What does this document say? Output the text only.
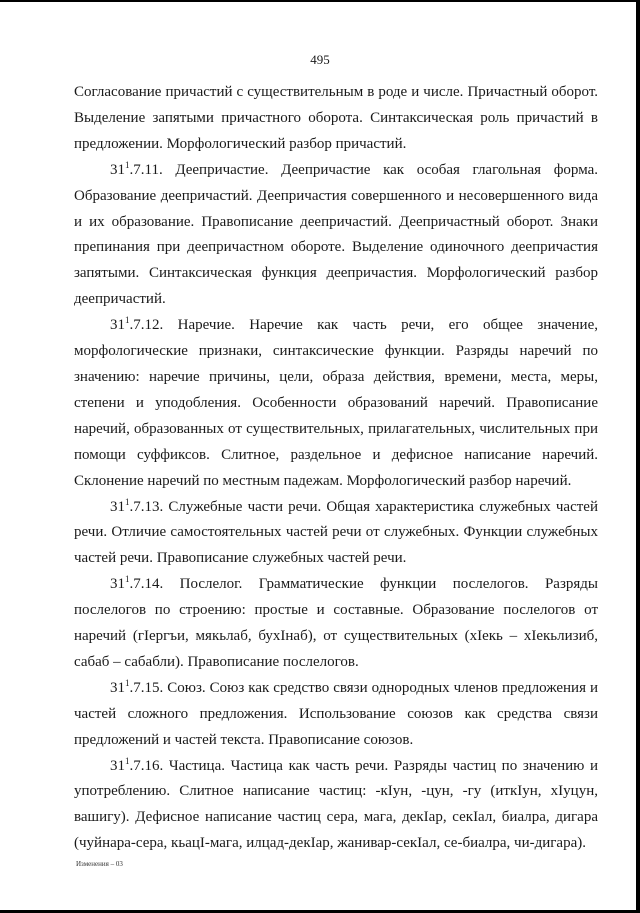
495

Согласование причастий с существительным в роде и числе. Причастный оборот. Выделение запятыми причастного оборота. Синтаксическая роль причастий в предложении. Морфологический разбор причастий.

$31^1.7.11$. Деепричастие. Деепричастие как особая глагольная форма. Образование деепричастий. Деепричастия совершенного и несовершенного вида и их образование. Правописание деепричастий. Деепричастный оборот. Знаки препинания при деепричастном обороте. Выделение одиночного деепричастия запятыми. Синтаксическая функция деепричастия. Морфологический разбор деепричастий.

$31^1.7.12$. Наречие. Наречие как часть речи, его общее значение, морфологические признаки, синтаксические функции. Разряды наречий по значению: наречие причины, цели, образа действия, времени, места, меры, степени и уподобления. Особенности образований наречий. Правописание наречий, образованных от существительных, прилагательных, числительных при помощи суффиксов. Слитное, раздельное и дефисное написание наречий. Склонение наречий по местным падежам. Морфологический разбор наречий.

$31^1.7.13$. Служебные части речи. Общая характеристика служебных частей речи. Отличие самостоятельных частей речи от служебных. Функции служебных частей речи. Правописание служебных частей речи.

$31^1.7.14$. Послелог. Грамматические функции послелогов. Разряды послелогов по строению: простые и составные. Образование послелогов от наречий (гIергъи, мякьлаб, бухIнаб), от существительных (хIекь – хIекьлизиб, сабаб – сабабли). Правописание послелогов.

$31^1.7.15$. Союз. Союз как средство связи однородных членов предложения и частей сложного предложения. Использование союзов как средства связи предложений и частей текста. Правописание союзов.

$31^1.7.16$. Частица. Частица как часть речи. Разряды частиц по значению и употреблению. Слитное написание частиц: -кIун, -цун, -гу (иткIун, хIуцун, вашигу). Дефисное написание частиц сера, мага, декIар, секIал, биалра, дигара (чуйнара-сера, кьацI-мага, илцад-декIар, жанивар-секIал, се-биалра, чи-дигара).

Изменения – 03
